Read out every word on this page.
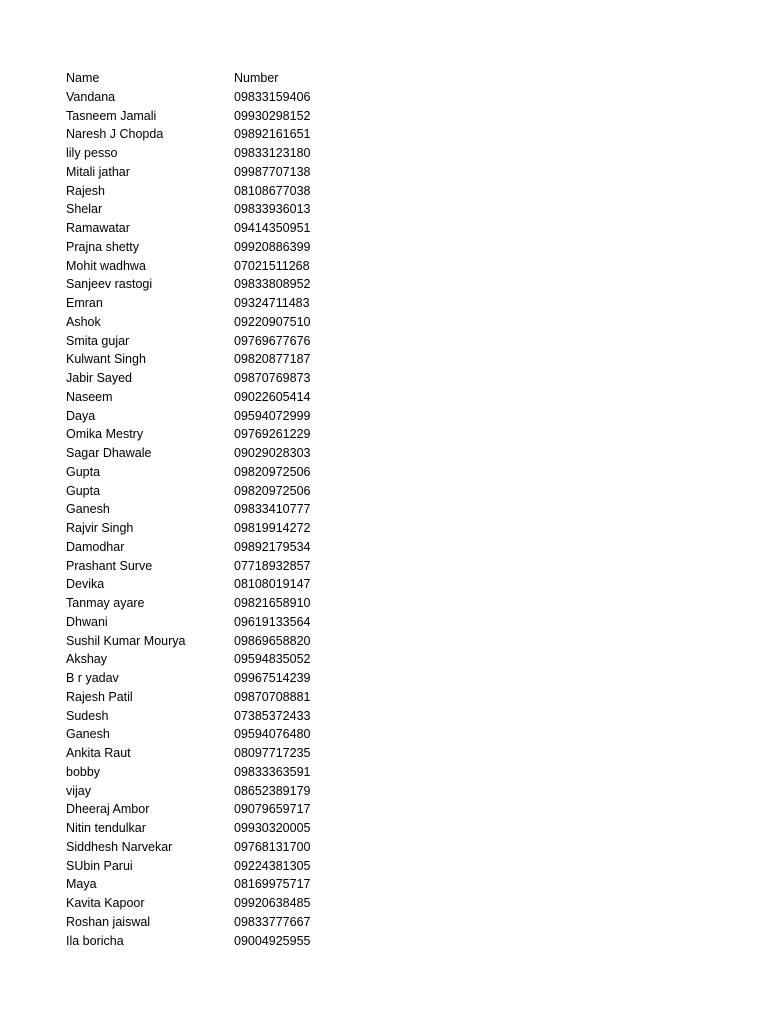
Name	Number
Vandana	09833159406
Tasneem Jamali	09930298152
Naresh J Chopda	09892161651
lily pesso	09833123180
Mitali jathar	09987707138
Rajesh	08108677038
Shelar	09833936013
Ramawatar	09414350951
Prajna shetty	09920886399
Mohit wadhwa	07021511268
Sanjeev rastogi	09833808952
Emran	09324711483
Ashok	09220907510
Smita gujar	09769677676
Kulwant Singh	09820877187
Jabir Sayed	09870769873
Naseem	09022605414
Daya	09594072999
Omika Mestry	09769261229
Sagar Dhawale	09029028303
Gupta	09820972506
Gupta	09820972506
Ganesh	09833410777
Rajvir Singh	09819914272
Damodhar	09892179534
Prashant Surve	07718932857
Devika	08108019147
Tanmay ayare	09821658910
Dhwani	09619133564
Sushil Kumar Mourya	09869658820
Akshay	09594835052
B r yadav	09967514239
Rajesh Patil	09870708881
Sudesh	07385372433
Ganesh	09594076480
Ankita Raut	08097717235
bobby	09833363591
vijay	08652389179
Dheeraj Ambor	09079659717
Nitin tendulkar	09930320005
Siddhesh Narvekar	09768131700
SUbin Parui	09224381305
Maya	08169975717
Kavita Kapoor	09920638485
Roshan jaiswal	09833777667
Ila boricha	09004925955
